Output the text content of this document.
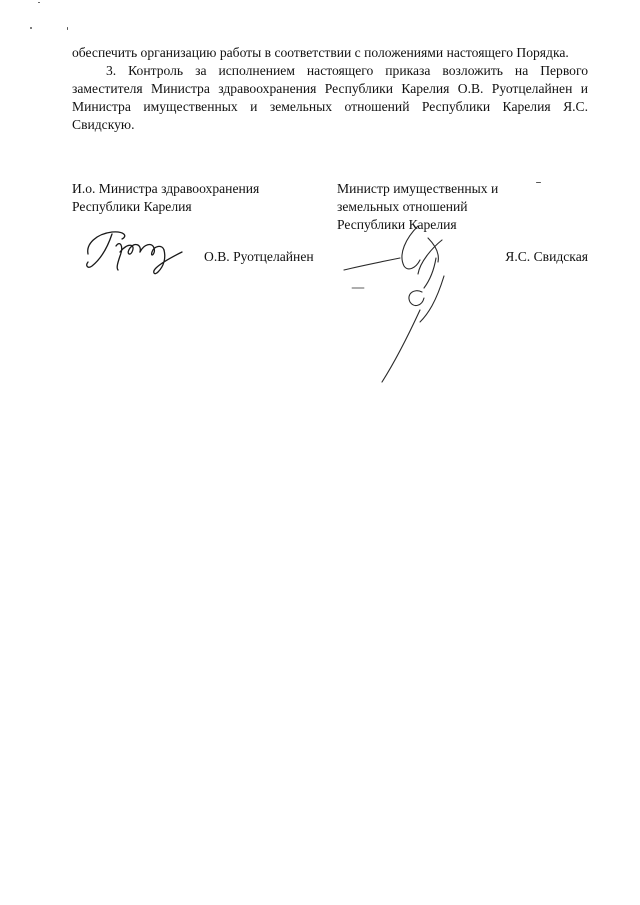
обеспечить организацию работы в соответствии с положениями настоящего Порядка.

3. Контроль за исполнением настоящего приказа возложить на Первого заместителя Министра здравоохранения Республики Карелия О.В. Руотцелайнен и Министра имущественных и земельных отношений Республики Карелия Я.С. Свидскую.

И.о. Министра здравоохранения
Республики Карелия
Министр имущественных и
земельных отношений
Республики Карелия
О.В. Руотцелайнен	Я.С. Свидская
